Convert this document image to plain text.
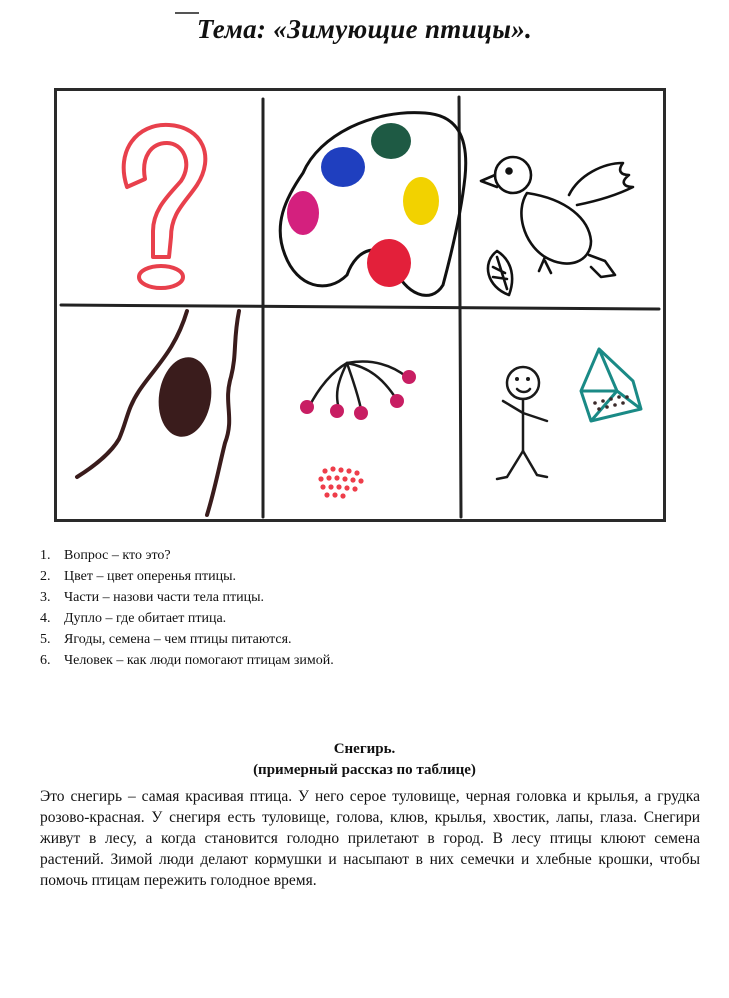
Тема: «Зимующие птицы».
1. Вопрос – кто это?
2. Цвет – цвет оперенья птицы.
3. Части – назови части тела птицы.
4. Дупло – где обитает птица.
5. Ягоды, семена – чем птицы питаются.
6. Человек – как люди помогают птицам зимой.
Снегирь.
(примерный рассказ по таблице)
Это снегирь – самая красивая птица. У него серое туловище, черная головка и крылья, а грудка розово-красная. У снегиря есть туловище, голова, клюв, крылья, хвостик, лапы, глаза. Снегири живут в лесу, а когда становится голодно прилетают в город. В лесу птицы клюют семена растений. Зимой люди делают кормушки и насыпают в них семечки и хлебные крошки, чтобы помочь птицам пережить голодное время.
